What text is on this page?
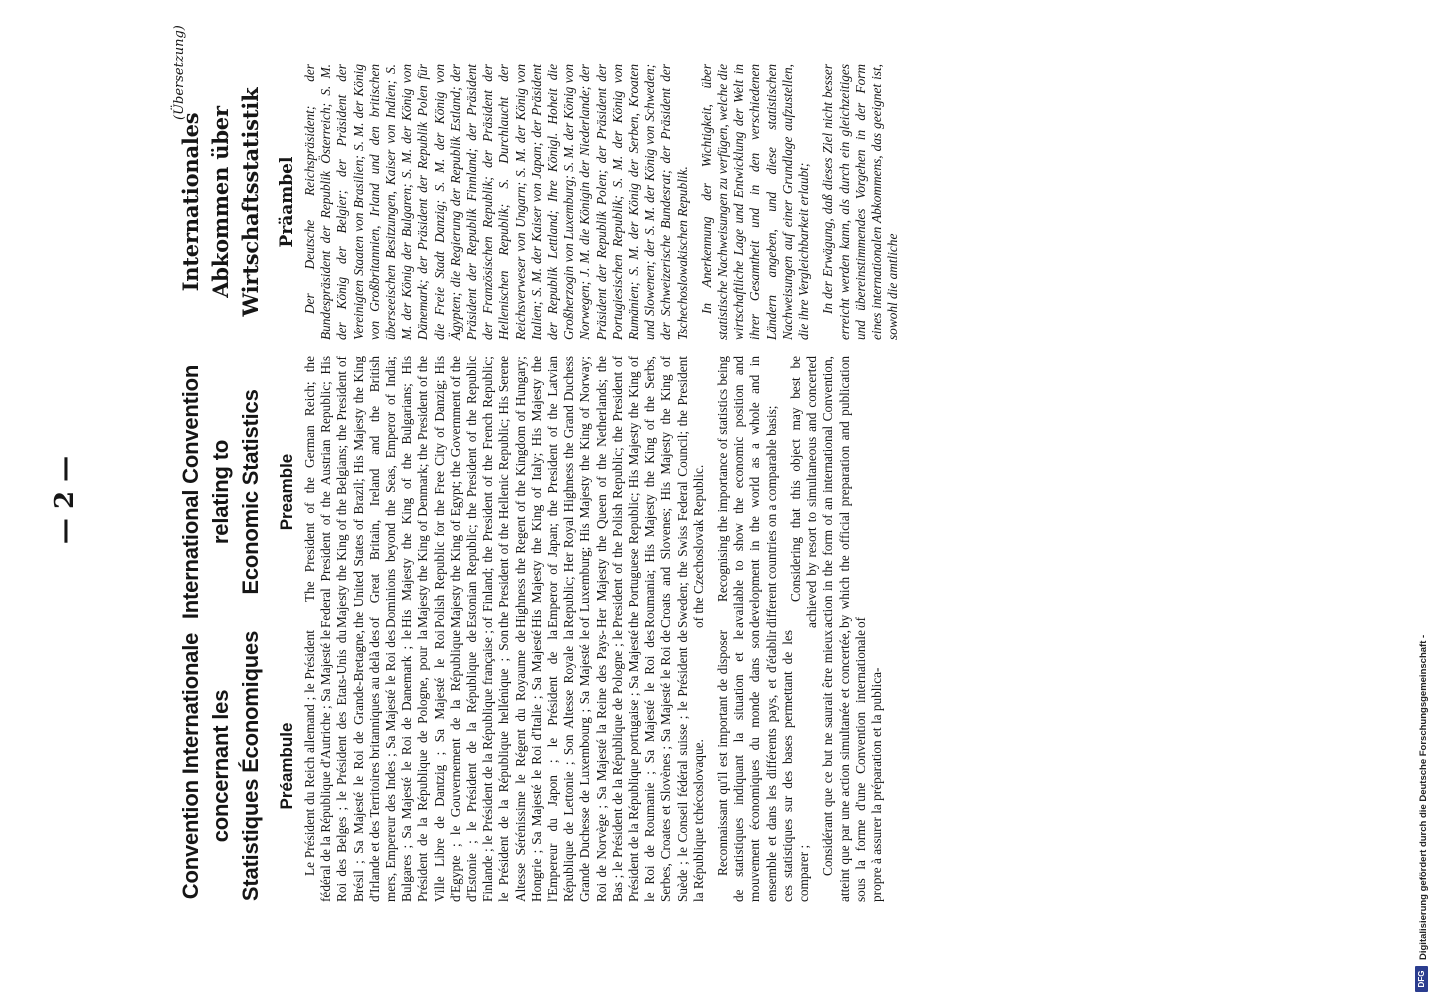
— 2 —
(Übersetzung)
Convention Internationale concernant les Statistiques Économiques Préambule Le Président du Reich allemand ; le Président fédéral de la République d'Autriche ; Sa Majesté le Roi des Belges ; le Président des Etats-Unis du Brésil ; Sa Majesté le Roi de Grande-Bretagne, d'Irlande et des Territoires britanniques au delà des mers, Empereur des Indes ; Sa Majesté le Roi des Bulgares ; Sa Majesté le Roi de Danemark ; le Président de la République de Pologne, pour la Ville Libre de Dantzig ; Sa Majesté le Roi d'Egypte ; le Gouvernement de la République d'Estonie ; le Président de la République de Finlande ; le Président de la République française ; le Président de la République hellénique ; Son Altesse Sérénissime le Régent du Royaume de Hongrie ; Sa Majesté le Roi d'Italie ; Sa Majesté l'Empereur du Japon ; le Président de la République de Lettonie ; Son Altesse Royale la Grande Duchesse de Luxembourg ; Sa Majesté le Roi de Norvège ; Sa Majesté la Reine des Pays-Bas ; le Président de la République de Pologne ; le Président de la République portugaise ; Sa Majesté le Roi de Roumanie ; Sa Majesté le Roi des Serbes, Croates et Slovènes ; Sa Majesté le Roi de Suède ; le Conseil fédéral suisse ; le Président de la République tchécoslovaque. Reconnaissant qu'il est important de disposer de statistiques indiquant la situation et le mouvement économiques du monde dans son ensemble et dans les différents pays, et d'établir ces statistiques sur des bases permettant de les comparer ; Considérant que ce but ne saurait être mieux atteint que par une action simultanée et concertée, sous la forme d'une Convention internationale propre à assurer la préparation et la publica-

International Convention relating to Economic Statistics Preamble The President of the German Reich; the Federal President of the Austrian Republic; His Majesty the King of the Belgians; the President of the United States of Brazil; His Majesty the King of Great Britain, Ireland and the British Dominions beyond the Seas, Emperor of India; His Majesty the King of the Bulgarians; His Majesty the King of Denmark; the President of the Polish Republic for the Free City of Danzig; His Majesty the King of Egypt; the Government of the Estonian Republic; the President of the Republic of Finland; the President of the French Republic; the President of the Hellenic Republic; His Serene Highness the Regent of the Kingdom of Hungary; His Majesty the King of Italy; His Majesty the Emperor of Japan; the President of the Latvian Republic; Her Royal Highness the Grand Duchess of Luxemburg; His Majesty the King of Norway; Her Majesty the Queen of the Netherlands; the President of the Polish Republic; the President of the Portuguese Republic; His Majesty the King of Roumania; His Majesty the King of the Serbs, Croats and Slovenes; His Majesty the King of Sweden; the Swiss Federal Council; the President of the Czechoslovak Republic. Recognising the importance of statistics being available to show the economic position and development in the world as a whole and in different countries on a comparable basis; Considering that this object may best be achieved by resort to simultaneous and concerted action in the form of an international Convention, by which the official preparation and publication of

Internationales Abkommen über Wirtschaftsstatistik Präambel Der Deutsche Reichspräsident; der Bundespräsident der Republik Österreich; S. M. der König der Belgier; der Präsident der Vereinigten Staaten von Brasilien; S. M. der König von Großbritannien, Irland und den britischen überseeischen Besitzungen, Kaiser von Indien; S. M. der König der Bulgaren; S. M. der König von Dänemark; der Präsident der Republik Polen für die Freie Stadt Danzig; S. M. der König von Ägypten; die Regierung der Republik Estland; der Präsident der Republik Finnland; der Präsident der Französischen Republik; der Präsident der Hellenischen Republik; S. Durchlaucht der Reichsverweser von Ungarn; S. M. der König von Italien; S. M. der Kaiser von Japan; der Präsident der Republik Lettland; Ihre Königl. Hoheit die Großherzogin von Luxemburg; S. M. der König von Norwegen; J. M. die Königin der Niederlande; der Präsident der Republik Polen; der Präsident der Portugiesischen Republik; S. M. der König von Rumänien; S. M. der König der Serben, Kroaten und Slowenen; der S. M. der König von Schweden; der Schweizerische Bundesrat; der Präsident der Tschechoslowakischen Republik. In Anerkennung der Wichtigkeit, über statistische Nachweisungen zu verfügen, welche die wirtschaftliche Lage und Entwicklung der Welt in ihrer Gesamtheit und in den verschiedenen Ländern angeben, und diese statistischen Nachweisungen auf einer Grundlage aufzustellen, die ihre Vergleichbarkeit erlaubt; In der Erwägung, daß dieses Ziel nicht besser erreicht werden kann, als durch ein gleichzeitiges und übereinstimmendes Vorgehen in der Form eines internationalen Abkommens, das geeignet ist, sowohl die amtliche

DFG
Digitalisierung gefördert durch die Deutsche Forschungsgemeinschaft -
